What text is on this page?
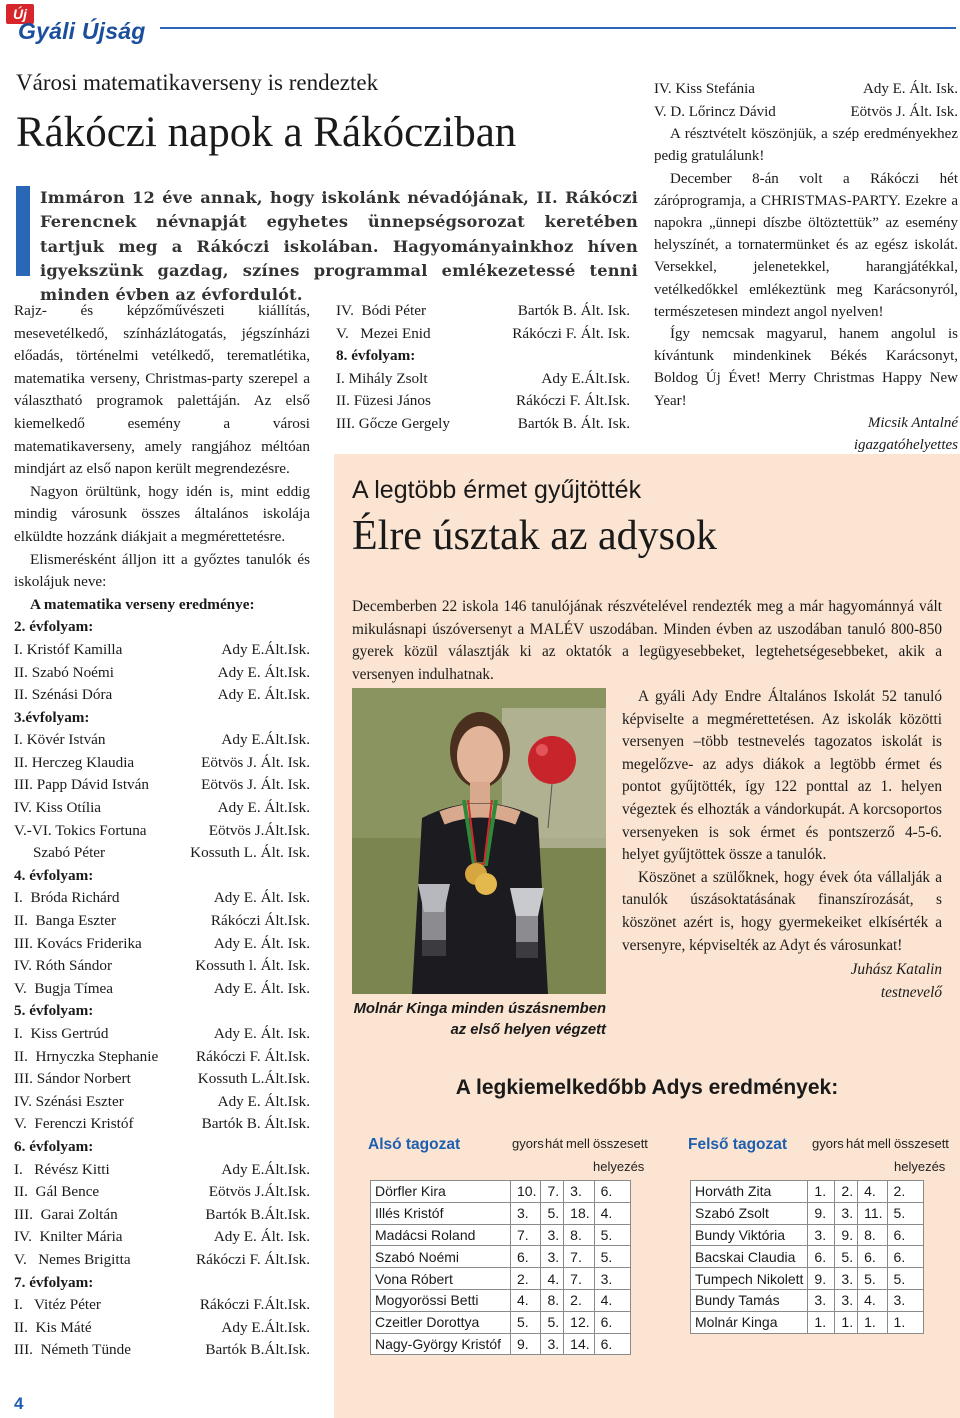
Új
Gyáli Újság
Városi matematikaverseny is rendeztek
Rákóczi napok a Rákócziban
Immáron 12 éve annak, hogy iskolánk névadójának, II. Rákóczi Ferencnek névnapját egyhetes ünnepségsorozat keretében tartjuk meg a Rákóczi iskolában. Hagyományainkhoz híven igyekszünk gazdag, színes programmal emlékezetessé tenni minden évben az évfordulót.

Rajz- és képzőművészeti kiállítás, mesevetélkedő, színházlátogatás, jégszínházi előadás, történelmi vetélkedő, terematlétika, matematika verseny, Christmas-party szerepel a választható programok palettáján. Az első kiemelkedő esemény a városi matematikaverseny, amely rangjához méltóan mindjárt az első napon került megrendezésre.

Nagyon örültünk, hogy idén is, mint eddig mindig városunk összes általános iskolája elküldte hozzánk diákjait a megmérettetésre.

Elismerésként álljon itt a győztes tanulók és iskolájuk neve:

A matematika verseny eredménye:
2. évfolyam:
I. Kristóf Kamilla	Ady E.Ált.Isk.
II. Szabó Noémi	Ady E. Ált.Isk.
II. Szénási Dóra	Ady E. Ált.Isk.
3.évfolyam:
I. Kövér István	Ady E.Ált.Isk.
II. Herczeg Klaudia	Eötvös J. Ált. Isk.
III. Papp Dávid István	Eötvös J. Ált. Isk.
IV. Kiss Otília	Ady E. Ált.Isk.
V.-VI. Tokics Fortuna	Eötvös J.Ált.Isk.
Szabó Péter	Kossuth L. Ált. Isk.
4. évfolyam:
I.  Bróda Richárd	Ady E. Ált. Isk.
II.  Banga Eszter	Rákóczi Ált.Isk.
III. Kovács Friderika	Ady E. Ált. Isk.
IV. Róth Sándor	Kossuth l. Ált. Isk.
V.  Bugja Tímea	Ady E. Ált. Isk.
5. évfolyam:
I.  Kiss Gertrúd	Ady E. Ált. Isk.
II.  Hrnyczka Stephanie Rákóczi F. Ált.Isk.
III. Sándor Norbert	Kossuth L.Ált.Isk.
IV. Szénási Eszter	Ady E. Ált.Isk.
V.  Ferenczi Kristóf	Bartók B. Ált.Isk.
6. évfolyam:
I.   Révész Kitti	Ady E.Ált.Isk.
II.  Gál Bence	Eötvös J.Ált.Isk.
III.  Garai Zoltán	Bartók B.Ált.Isk.
IV.  Knilter Mária	Ady E. Ált. Isk.
V.   Nemes Brigitta	Rákóczi F. Ált.Isk.
7. évfolyam:
I.   Vitéz Péter	Rákóczi F.Ált.Isk.
II.  Kis Máté	Ady E.Ált.Isk.
III.  Németh Tünde	Bartók B.Ált.Isk.
IV.  Bódi Péter	Bartók B. Ált. Isk.
V.   Mezei Enid	Rákóczi F. Ált. Isk.
8. évfolyam:
I. Mihály Zsolt	Ady E.Ált.Isk.
II. Füzesi János	Rákóczi F. Ált.Isk.
III. Gőcze Gergely	Bartók B. Ált. Isk.
IV. Kiss Stefánia	Ady E. Ált. Isk.
V. D. Lőrincz Dávid	Eötvös J. Ált. Isk.

A résztvételt köszönjük, a szép eredményekhez pedig gratulálunk!

December 8-án volt a Rákóczi hét záróprogramja, a CHRISTMAS-PARTY. Ezekre a napokra „ünnepi díszbe öltöztettük” az esemény helyszínét, a tornatermünket és az egész iskolát. Versekkel, jelenetekkel, harangjátékkal, vetélkedőkkel emlékeztünk meg Karácsonyról, természetesen mindezt angol nyelven!

Így nemcsak magyarul, hanem angolul is kívántunk mindenkinek Békés Karácsonyt, Boldog Új Évet! Merry Christmas Happy New Year!

Micsik Antalné
igazgatóhelyettes
A legtöbb érmet gyűjtötték
Élre úsztak az adysok
Decemberben 22 iskola 146 tanulójának részvételével rendezték meg a már hagyománnyá vált mikulásnapi úszóversenyt a MALÉV uszodában. Minden évben az uszodában tanuló 800-850 gyerek közül választják ki az oktatók a legügyesebbeket, legtehetségesebbeket, akik a versenyen indulhatnak.
Molnár Kinga minden úszásnemben
az első helyen végzett

A gyáli Ady Endre Általános Iskolát 52 tanuló képviselte a megmérettetésen. Az iskolák közötti versenyen –több testnevelés tagozatos iskolát is megelőzve- az adys diákok a legtöbb érmet és pontot gyűjtötték, így 122 ponttal az 1. helyen végeztek és elhozták a vándorkupát. A korcsoportos versenyeken is sok érmet és pontszerző 4-5-6. helyet gyűjtöttek össze a tanulók.

Köszönet a szülőknek, hogy évek óta vállalják a tanulók úszásoktatásának finanszírozását, s köszönet azért is, hogy gyermekeiket elkísérték a versenyre, képviselték az Adyt és városunkat!

Juhász Katalin
testnevelő
A legkiemelkedőbb Adys eredmények:
Alsó tagozat	gyors hát mell összesett
helyezés
Dörfler Kira	10.	7.	3.	6.
Illés Kristóf	3.	5.	18.	4.
Madácsi Roland	7.	3.	8.	5.
Szabó Noémi	6.	3.	7.	5.
Vona Róbert	2.	4.	7.	3.
Mogyorössi Betti	4.	8.	2.	4.
Czeitler Dorottya	5.	5.	12.	6.
Nagy-György Kristóf	9.	3.	14.	6.
Felső tagozat gyors hát mell összesett
helyezés
Horváth Zita	1.	2.	4.	2.
Szabó Zsolt	9.	3.	11.	5.
Bundy Viktória	3.	9.	8.	6.
Bacskai Claudia	6.	5.	6.	6.
Tumpech Nikolett	9.	3.	5.	5.
Bundy Tamás	3.	3.	4.	3.
Molnár Kinga	1.	1.	1.	1.
4
